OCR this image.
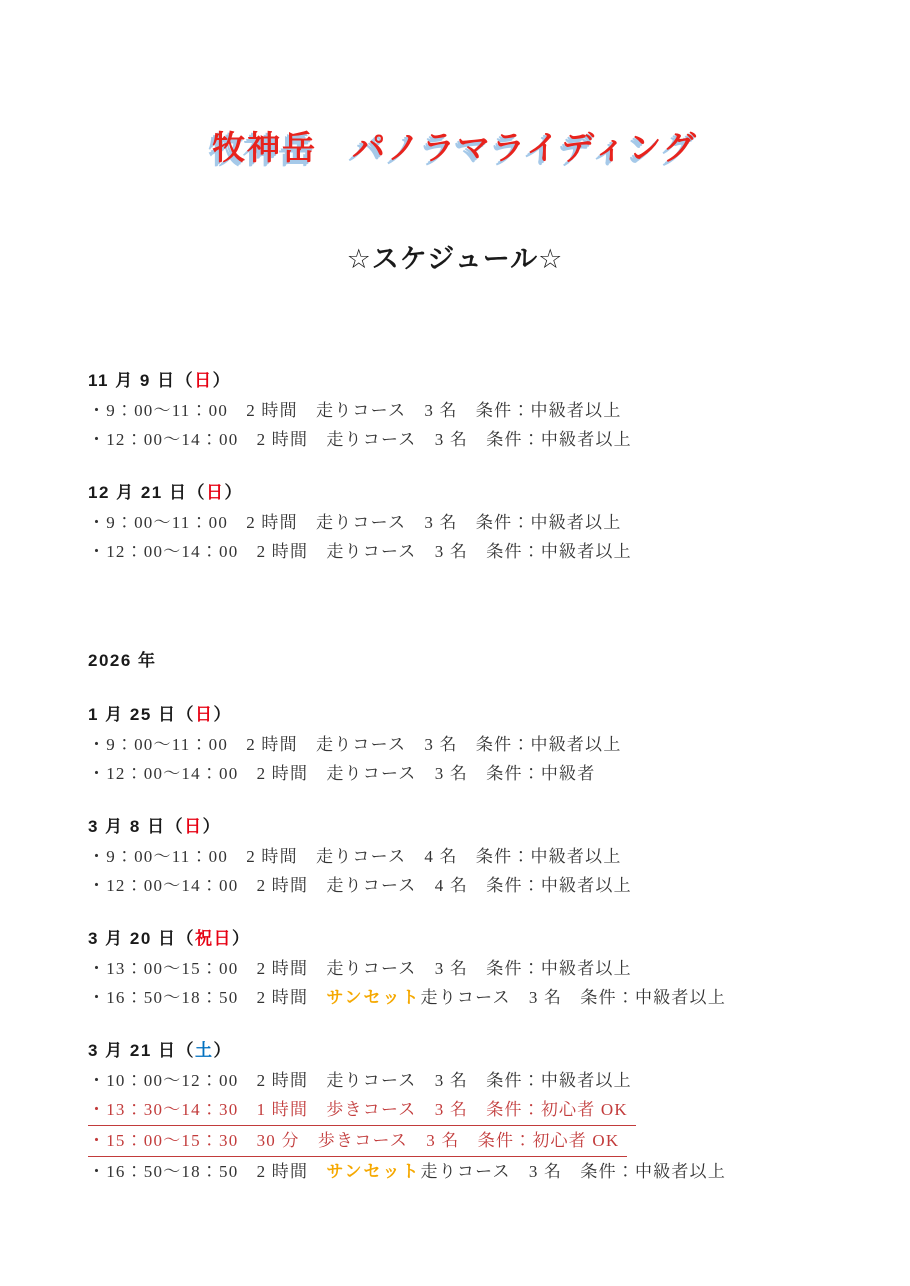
牧神岳　パノラマライディング
☆スケジュール☆
11 月 9 日（日）
・9：00～11：00　2 時間　走りコース　3 名　条件：中級者以上
・12：00～14：00　2 時間　走りコース　3 名　条件：中級者以上
12 月 21 日（日）
・9：00～11：00　2 時間　走りコース　3 名　条件：中級者以上
・12：00～14：00　2 時間　走りコース　3 名　条件：中級者以上
2026 年
1 月 25 日（日）
・9：00～11：00　2 時間　走りコース　3 名　条件：中級者以上
・12：00～14：00　2 時間　走りコース　3 名　条件：中級者
3 月 8 日（日）
・9：00～11：00　2 時間　走りコース　4 名　条件：中級者以上
・12：00～14：00　2 時間　走りコース　4 名　条件：中級者以上
3 月 20 日（祝日）
・13：00～15：00　2 時間　走りコース　3 名　条件：中級者以上
・16：50～18：50　2 時間　サンセット走りコース　3 名　条件：中級者以上
3 月 21 日（土）
・10：00～12：00　2 時間　走りコース　3 名　条件：中級者以上
・13：30～14：30　1 時間　歩きコース　3 名　条件：初心者 OK
・15：00～15：30　30 分　歩きコース　3 名　条件：初心者 OK
・16：50～18：50　2 時間　サンセット走りコース　3 名　条件：中級者以上
